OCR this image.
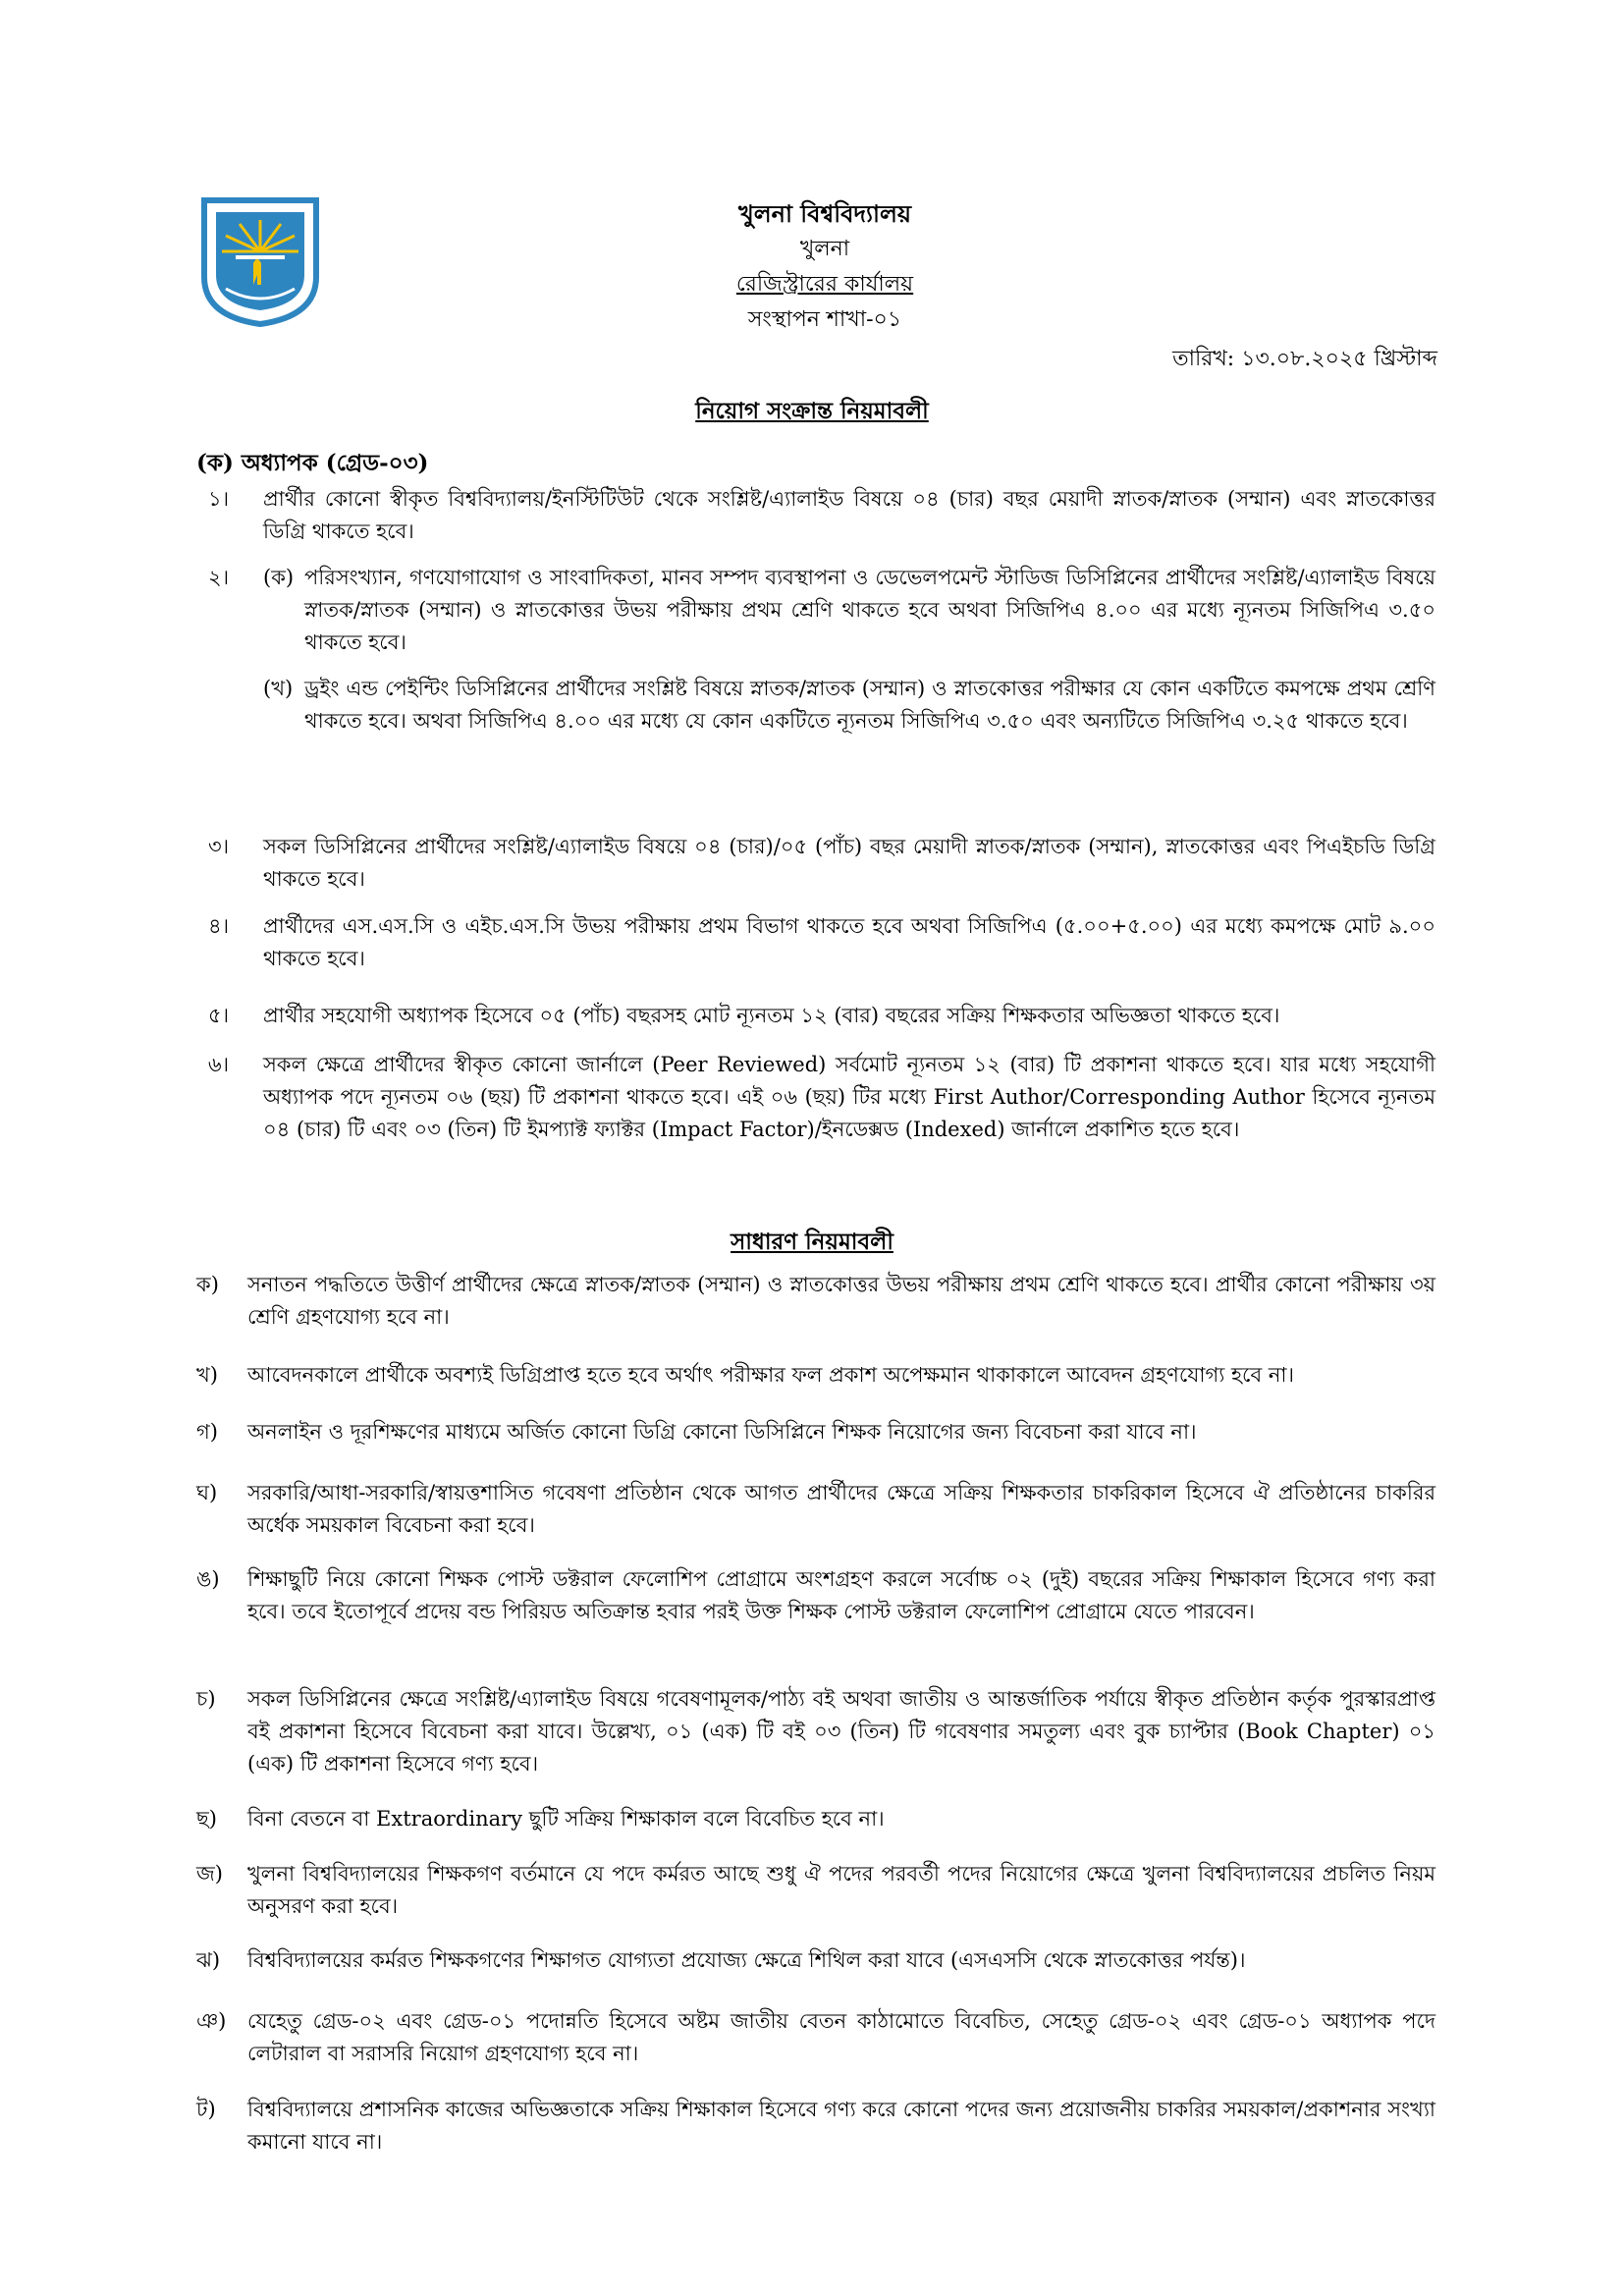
খুলনা বিশ্ববিদ্যালয়
খুলনা
রেজিস্ট্রারের কার্যালয়
সংস্থাপন শাখা-০১
তারিখ: ১৩.০৮.২০২৫ খ্রিস্টাব্দ
নিয়োগ সংক্রান্ত নিয়মাবলী
(ক) অধ্যাপক (গ্রেড-০৩)
১।	প্রার্থীর কোনো স্বীকৃত বিশ্ববিদ্যালয়/ইনস্টিটিউট থেকে সংশ্লিষ্ট/এ্যালাইড বিষয়ে ০৪ (চার) বছর মেয়াদী স্নাতক/স্নাতক (সম্মান) এবং স্নাতকোত্তর ডিগ্রি থাকতে হবে।
২।	(ক) পরিসংখ্যান, গণযোগাযোগ ও সাংবাদিকতা, মানব সম্পদ ব্যবস্থাপনা ও ডেভেলপমেন্ট স্টাডিজ ডিসিপ্লিনের প্রার্থীদের সংশ্লিষ্ট/এ্যালাইড বিষয়ে স্নাতক/স্নাতক (সম্মান) ও স্নাতকোত্তর উভয় পরীক্ষায় প্রথম শ্রেণি থাকতে হবে অথবা সিজিপিএ ৪.০০ এর মধ্যে ন্যূনতম সিজিপিএ ৩.৫০ থাকতে হবে।
(খ) ড্রইং এন্ড পেইন্টিং ডিসিপ্লিনের প্রার্থীদের সংশ্লিষ্ট বিষয়ে স্নাতক/স্নাতক (সম্মান) ও স্নাতকোত্তর পরীক্ষার যে কোন একটিতে কমপক্ষে প্রথম শ্রেণি থাকতে হবে। অথবা সিজিপিএ ৪.০০ এর মধ্যে যে কোন একটিতে ন্যূনতম সিজিপিএ ৩.৫০ এবং অন্যটিতে সিজিপিএ ৩.২৫ থাকতে হবে।
৩।	সকল ডিসিপ্লিনের প্রার্থীদের সংশ্লিষ্ট/এ্যালাইড বিষয়ে ০৪ (চার)/০৫ (পাঁচ) বছর মেয়াদী স্নাতক/স্নাতক (সম্মান), স্নাতকোত্তর এবং পিএইচডি ডিগ্রি থাকতে হবে।
৪।	প্রার্থীদের এস.এস.সি ও এইচ.এস.সি উভয় পরীক্ষায় প্রথম বিভাগ থাকতে হবে অথবা সিজিপিএ (৫.০০+৫.০০) এর মধ্যে কমপক্ষে মোট ৯.০০ থাকতে হবে।
৫।	প্রার্থীর সহযোগী অধ্যাপক হিসেবে ০৫ (পাঁচ) বছরসহ মোট ন্যূনতম ১২ (বার) বছরের সক্রিয় শিক্ষকতার অভিজ্ঞতা থাকতে হবে।
৬।	সকল ক্ষেত্রে প্রার্থীদের স্বীকৃত কোনো জার্নালে (Peer Reviewed) সর্বমোট ন্যূনতম ১২ (বার) টি প্রকাশনা থাকতে হবে। যার মধ্যে সহযোগী অধ্যাপক পদে ন্যূনতম ০৬ (ছয়) টি প্রকাশনা থাকতে হবে। এই ০৬ (ছয়) টির মধ্যে First Author/Corresponding Author হিসেবে ন্যূনতম ০৪ (চার) টি এবং ০৩ (তিন) টি ইমপ্যাক্ট ফ্যাক্টর (Impact Factor)/ইনডেক্সড (Indexed) জার্নালে প্রকাশিত হতে হবে।
সাধারণ নিয়মাবলী
ক)	সনাতন পদ্ধতিতে উত্তীর্ণ প্রার্থীদের ক্ষেত্রে স্নাতক/স্নাতক (সম্মান) ও স্নাতকোত্তর উভয় পরীক্ষায় প্রথম শ্রেণি থাকতে হবে। প্রার্থীর কোনো পরীক্ষায় ৩য় শ্রেণি গ্রহণযোগ্য হবে না।
খ)	আবেদনকালে প্রার্থীকে অবশ্যই ডিগ্রিপ্রাপ্ত হতে হবে অর্থাৎ পরীক্ষার ফল প্রকাশ অপেক্ষমান থাকাকালে আবেদন গ্রহণযোগ্য হবে না।
গ)	অনলাইন ও দূরশিক্ষণের মাধ্যমে অর্জিত কোনো ডিগ্রি কোনো ডিসিপ্লিনে শিক্ষক নিয়োগের জন্য বিবেচনা করা যাবে না।
ঘ)	সরকারি/আধা-সরকারি/স্বায়ত্তশাসিত গবেষণা প্রতিষ্ঠান থেকে আগত প্রার্থীদের ক্ষেত্রে সক্রিয় শিক্ষকতার চাকরিকাল হিসেবে ঐ প্রতিষ্ঠানের চাকরির অর্ধেক সময়কাল বিবেচনা করা হবে।
ঙ)	শিক্ষাছুটি নিয়ে কোনো শিক্ষক পোস্ট ডক্টরাল ফেলোশিপ প্রোগ্রামে অংশগ্রহণ করলে সর্বোচ্চ ০২ (দুই) বছরের সক্রিয় শিক্ষাকাল হিসেবে গণ্য করা হবে। তবে ইতোপূর্বে প্রদেয় বন্ড পিরিয়ড অতিক্রান্ত হবার পরই উক্ত শিক্ষক পোস্ট ডক্টরাল ফেলোশিপ প্রোগ্রামে যেতে পারবেন।
চ)	সকল ডিসিপ্লিনের ক্ষেত্রে সংশ্লিষ্ট/এ্যালাইড বিষয়ে গবেষণামূলক/পাঠ্য বই অথবা জাতীয় ও আন্তর্জাতিক পর্যায়ে স্বীকৃত প্রতিষ্ঠান কর্তৃক পুরস্কারপ্রাপ্ত বই প্রকাশনা হিসেবে বিবেচনা করা যাবে। উল্লেখ্য, ০১ (এক) টি বই ০৩ (তিন) টি গবেষণার সমতুল্য এবং বুক চ্যাপ্টার (Book Chapter) ০১ (এক) টি প্রকাশনা হিসেবে গণ্য হবে।
ছ)	বিনা বেতনে বা Extraordinary ছুটি সক্রিয় শিক্ষাকাল বলে বিবেচিত হবে না।
জ)	খুলনা বিশ্ববিদ্যালয়ের শিক্ষকগণ বর্তমানে যে পদে কর্মরত আছে শুধু ঐ পদের পরবর্তী পদের নিয়োগের ক্ষেত্রে খুলনা বিশ্ববিদ্যালয়ের প্রচলিত নিয়ম অনুসরণ করা হবে।
ঝ)	বিশ্ববিদ্যালয়ের কর্মরত শিক্ষকগণের শিক্ষাগত যোগ্যতা প্রযোজ্য ক্ষেত্রে শিথিল করা যাবে (এসএসসি থেকে স্নাতকোত্তর পর্যন্ত)।
ঞ)	যেহেতু গ্রেড-০২ এবং গ্রেড-০১ পদোন্নতি হিসেবে অষ্টম জাতীয় বেতন কাঠামোতে বিবেচিত, সেহেতু গ্রেড-০২ এবং গ্রেড-০১ অধ্যাপক পদে লেটারাল বা সরাসরি নিয়োগ গ্রহণযোগ্য হবে না।
ট)	বিশ্ববিদ্যালয়ে প্রশাসনিক কাজের অভিজ্ঞতাকে সক্রিয় শিক্ষাকাল হিসেবে গণ্য করে কোনো পদের জন্য প্রয়োজনীয় চাকরির সময়কাল/প্রকাশনার সংখ্যা কমানো যাবে না।
